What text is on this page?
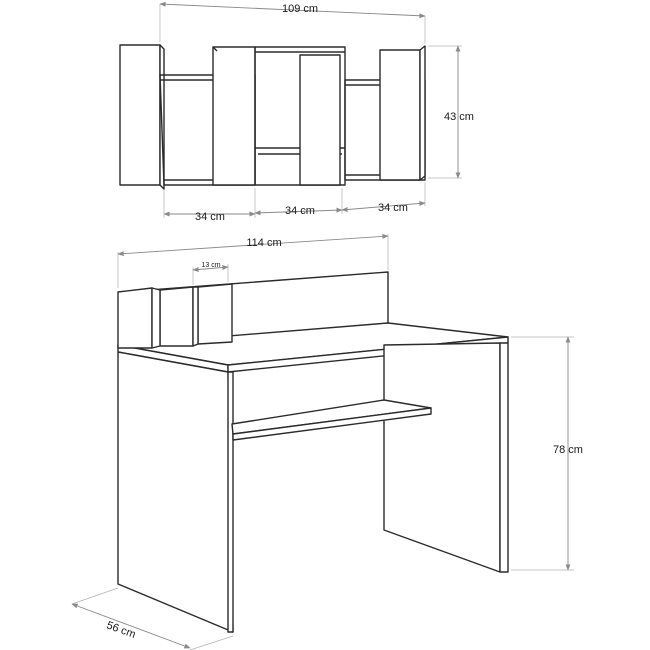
109 cm
43 cm
34 cm	34 cm	34 cm
114 cm
13 cm
78 cm
56 cm
